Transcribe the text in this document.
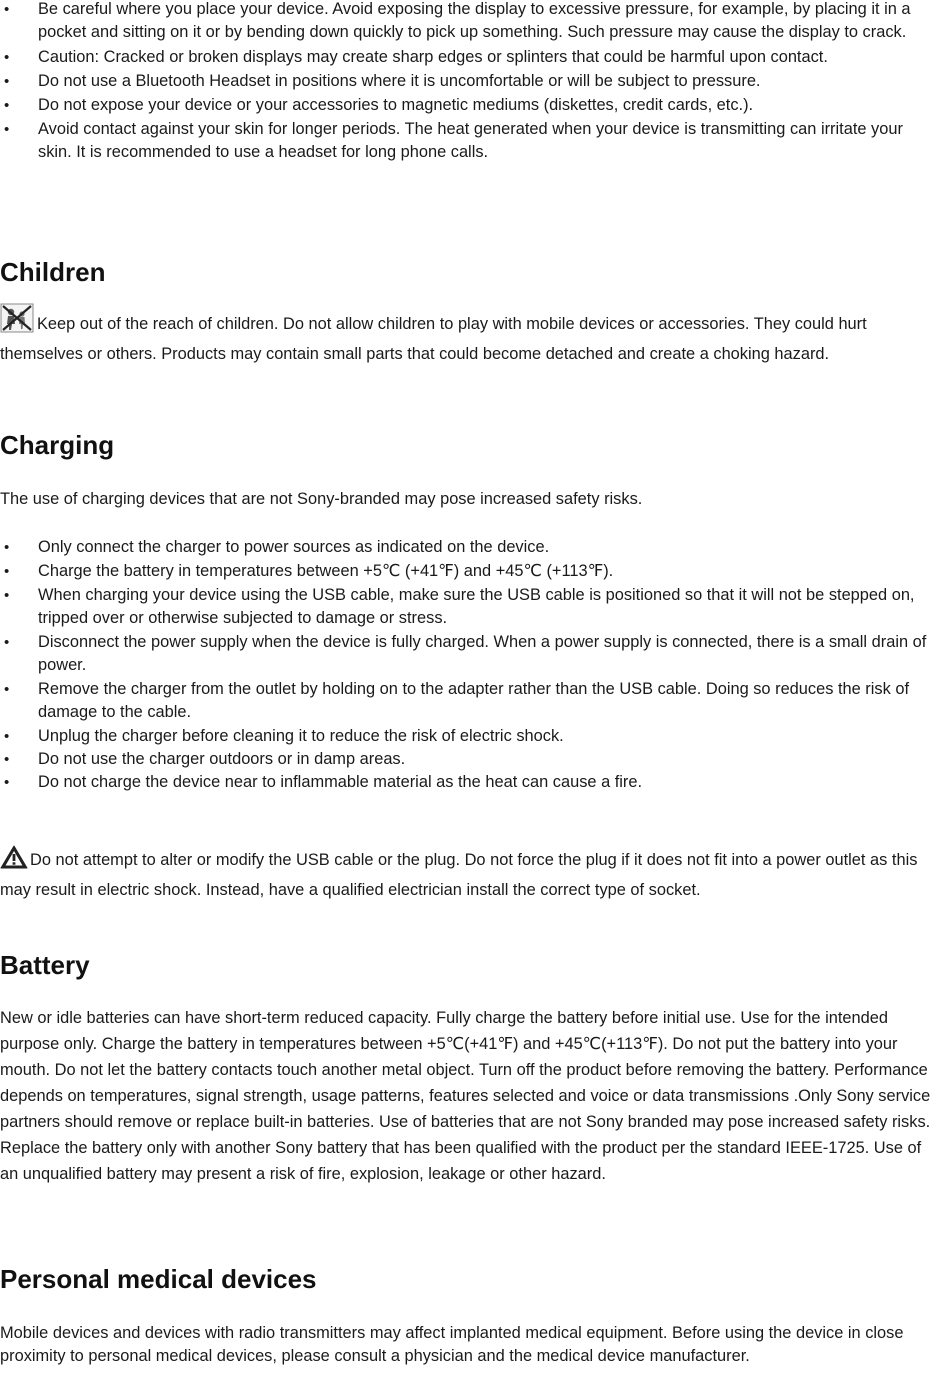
• Be careful where you place your device. Avoid exposing the display to excessive pressure, for example, by placing it in a pocket and sitting on it or by bending down quickly to pick up something. Such pressure may cause the display to crack.
• Caution: Cracked or broken displays may create sharp edges or splinters that could be harmful upon contact.
• Do not use a Bluetooth Headset in positions where it is uncomfortable or will be subject to pressure.
• Do not expose your device or your accessories to magnetic mediums (diskettes, credit cards, etc.).
• Avoid contact against your skin for longer periods. The heat generated when your device is transmitting can irritate your skin. It is recommended to use a headset for long phone calls.
Children

Keep out of the reach of children. Do not allow children to play with mobile devices or accessories. They could hurt themselves or others. Products may contain small parts that could become detached and create a choking hazard.

Charging

The use of charging devices that are not Sony-branded may pose increased safety risks.

• Only connect the charger to power sources as indicated on the device.
• Charge the battery in temperatures between +5℃ (+41℉) and +45℃ (+113℉).
• When charging your device using the USB cable, make sure the USB cable is positioned so that it will not be stepped on, tripped over or otherwise subjected to damage or stress.
• Disconnect the power supply when the device is fully charged. When a power supply is connected, there is a small drain of power.
• Remove the charger from the outlet by holding on to the adapter rather than the USB cable. Doing so reduces the risk of damage to the cable.
• Unplug the charger before cleaning it to reduce the risk of electric shock.
• Do not use the charger outdoors or in damp areas.
• Do not charge the device near to inflammable material as the heat can cause a fire.

Do not attempt to alter or modify the USB cable or the plug. Do not force the plug if it does not fit into a power outlet as this may result in electric shock. Instead, have a qualified electrician install the correct type of socket.

Battery

New or idle batteries can have short-term reduced capacity. Fully charge the battery before initial use. Use for the intended purpose only. Charge the battery in temperatures between +5℃(+41℉) and +45℃(+113℉). Do not put the battery into your mouth. Do not let the battery contacts touch another metal object. Turn off the product before removing the battery. Performance depends on temperatures, signal strength, usage patterns, features selected and voice or data transmissions .Only Sony service partners should remove or replace built-in batteries. Use of batteries that are not Sony branded may pose increased safety risks. Replace the battery only with another Sony battery that has been qualified with the product per the standard IEEE-1725. Use of an unqualified battery may present a risk of fire, explosion, leakage or other hazard.

Personal medical devices

Mobile devices and devices with radio transmitters may affect implanted medical equipment. Before using the device in close proximity to personal medical devices, please consult a physician and the medical device manufacturer.
